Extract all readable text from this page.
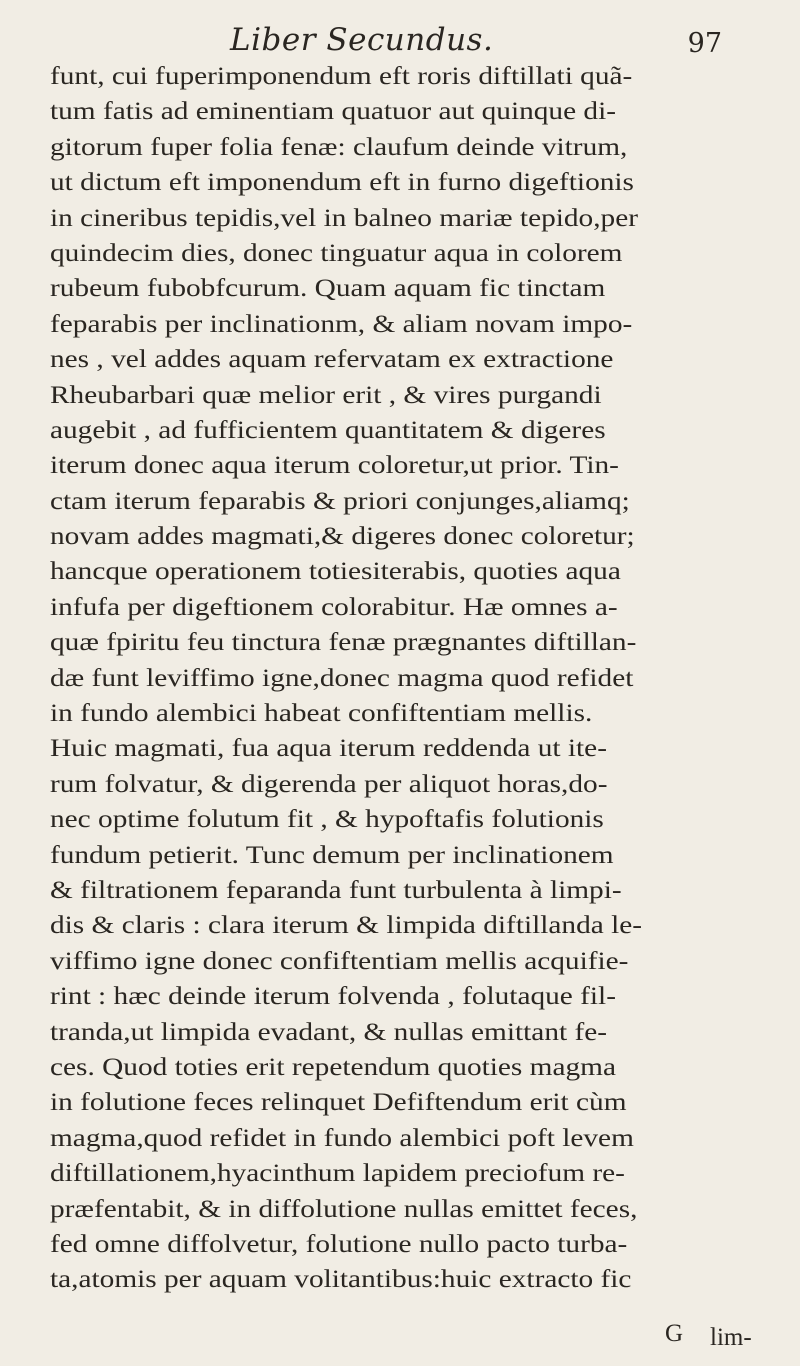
Liber Secundus.	97
funt, cui fuperimponendum eft roris diftillati quã-
tum fatis ad eminentiam quatuor aut quinque di-
gitorum fuper folia fenæ: claufum deinde vitrum,
ut dictum eft imponendum eft in furno digeftionis
in cineribus tepidis,vel in balneo mariæ tepido,per
quindecim dies, donec tinguatur aqua in colorem
rubeum fubobfcurum. Quam aquam fic tinctam
feparabis per inclinationm, & aliam novam impo-
nes , vel addes aquam refervatam ex extractione
Rheubarbari quæ melior erit , & vires purgandi
augebit , ad fufficientem quantitatem & digeres
iterum donec aqua iterum coloretur,ut prior. Tin-
ctam iterum feparabis & priori conjunges,aliamq;
novam addes magmati,& digeres donec coloretur;
hancque operationem totiesiterabis, quoties aqua
infufa per digeftionem colorabitur. Hæ omnes a-
quæ fpiritu feu tinctura fenæ prægnantes diftillan-
dæ funt leviffimo igne,donec magma quod refidet
in fundo alembici habeat confiftentiam mellis.
Huic magmati, fua aqua iterum reddenda ut ite-
rum folvatur, & digerenda per aliquot horas,do-
nec optime folutum fit , & hypoftafis folutionis
fundum petierit. Tunc demum per inclinationem
& filtrationem feparanda funt turbulenta à limpi-
dis & claris : clara iterum & limpida diftillanda le-
viffimo igne donec confiftentiam mellis acquifie-
rint : hæc deinde iterum folvenda , folutaque fil-
tranda,ut limpida evadant, & nullas emittant fe-
ces. Quod toties erit repetendum quoties magma
in folutione feces relinquet Defiftendum erit cùm
magma,quod refidet in fundo alembici poft levem
diftillationem,hyacinthum lapidem preciofum re-
præfentabit, & in diffolutione nullas emittet feces,
fed omne diffolvetur, folutione nullo pacto turba-
ta,atomis per aquam volitantibus:huic extracto fic
G lim-
